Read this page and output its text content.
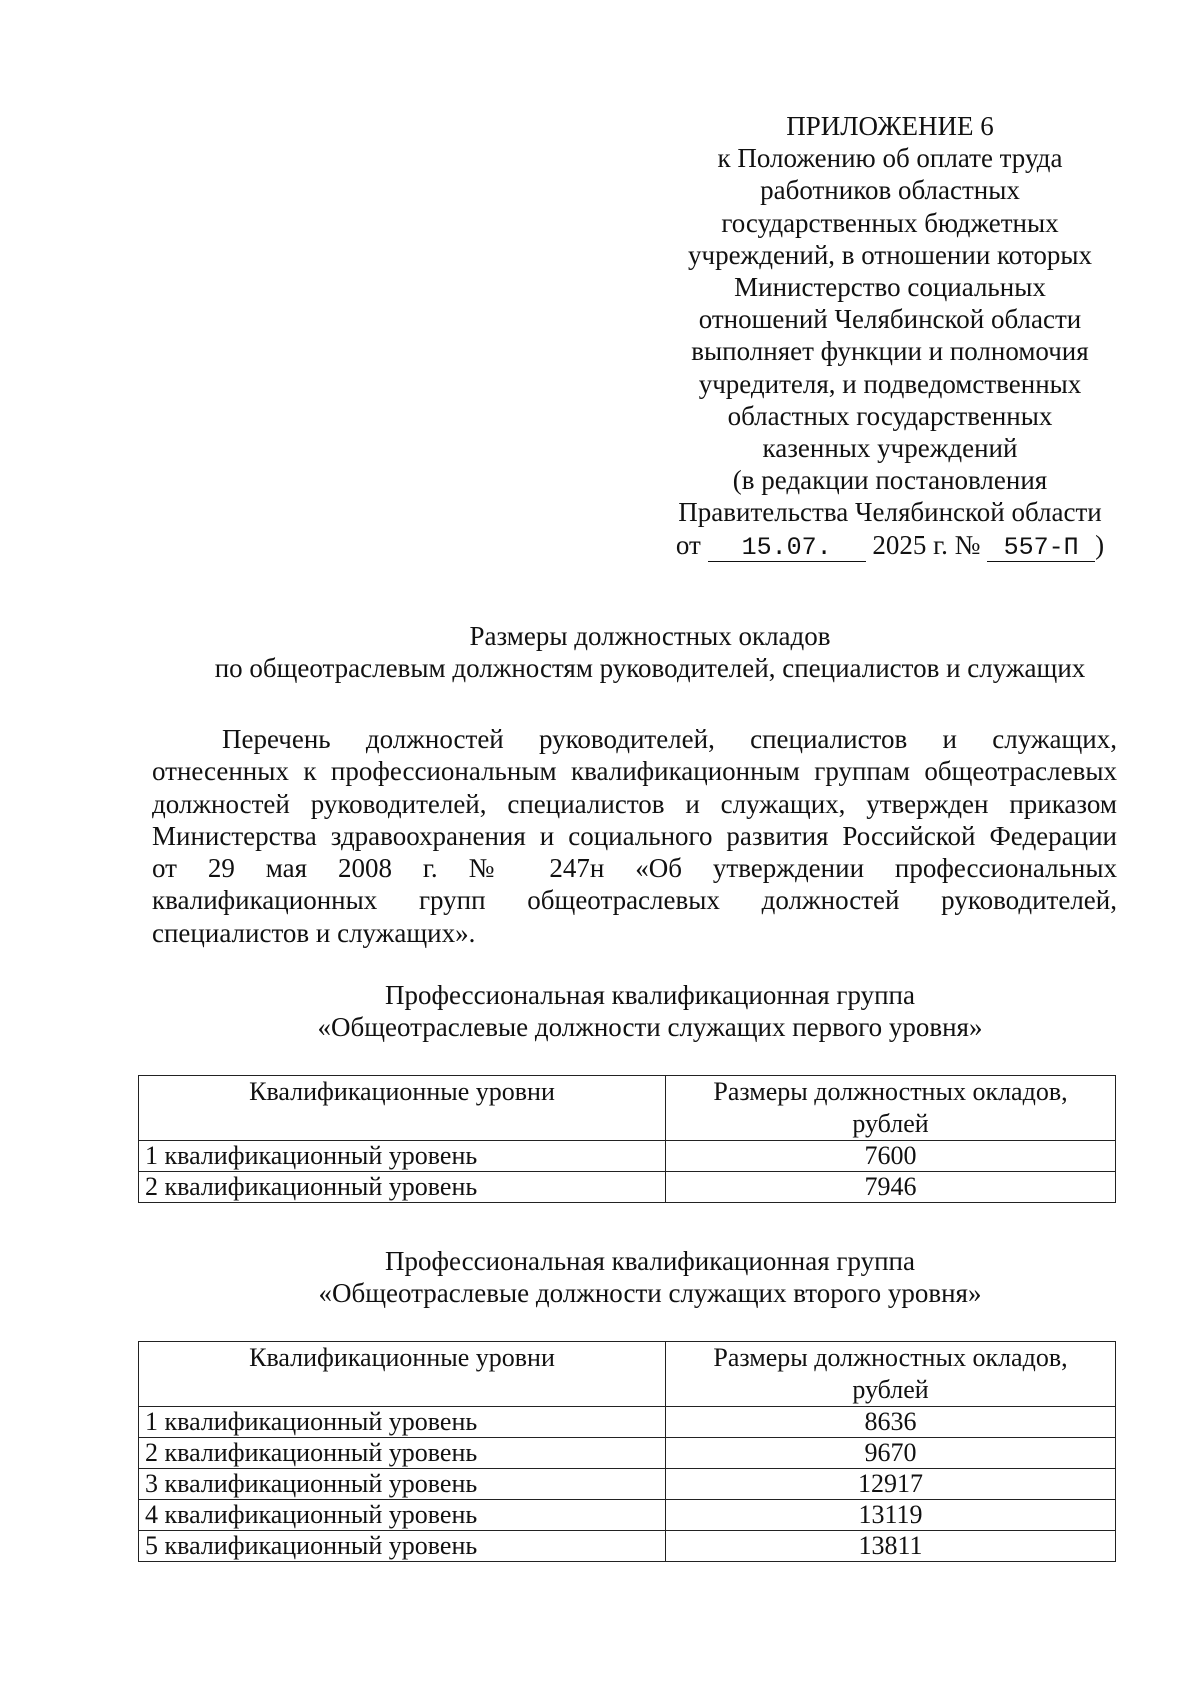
ПРИЛОЖЕНИЕ 6
к Положению об оплате труда
работников областных
государственных бюджетных
учреждений, в отношении которых
Министерство социальных
отношений Челябинской области
выполняет функции и полномочия
учредителя, и подведомственных
областных государственных
казенных учреждений
(в редакции постановления
Правительства Челябинской области
от 15.07. 2025 г. № 557-П )
Размеры должностных окладов
по общеотраслевым должностям руководителей, специалистов и служащих
Перечень должностей руководителей, специалистов и служащих,
отнесенных к профессиональным квалификационным группам общеотраслевых
должностей руководителей, специалистов и служащих, утвержден приказом
Министерства здравоохранения и социального развития Российской Федерации
от 29 мая 2008 г. № 247н «Об утверждении профессиональных
квалификационных групп общеотраслевых должностей руководителей,
специалистов и служащих».
Профессиональная квалификационная группа
«Общеотраслевые должности служащих первого уровня»
Квалификационные уровни	Размеры должностных окладов, рублей
1 квалификационный уровень	7600
2 квалификационный уровень	7946
Профессиональная квалификационная группа
«Общеотраслевые должности служащих второго уровня»
Квалификационные уровни	Размеры должностных окладов, рублей
1 квалификационный уровень	8636
2 квалификационный уровень	9670
3 квалификационный уровень	12917
4 квалификационный уровень	13119
5 квалификационный уровень	13811
